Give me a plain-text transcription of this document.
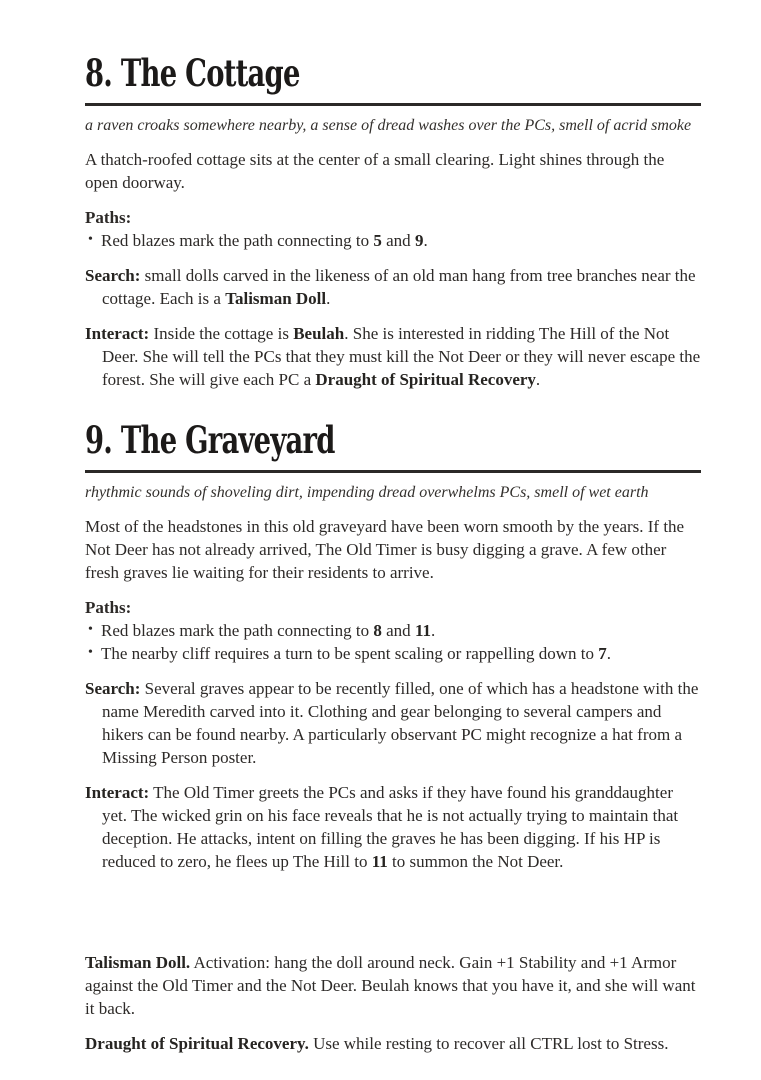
8. The Cottage
a raven croaks somewhere nearby, a sense of dread washes over the PCs, smell of acrid smoke
A thatch-roofed cottage sits at the center of a small clearing. Light shines through the open doorway.
Paths:
• Red blazes mark the path connecting to 5 and 9.
Search: small dolls carved in the likeness of an old man hang from tree branches near the cottage. Each is a Talisman Doll.
Interact: Inside the cottage is Beulah. She is interested in ridding The Hill of the Not Deer. She will tell the PCs that they must kill the Not Deer or they will never escape the forest. She will give each PC a Draught of Spiritual Recovery.
9. The Graveyard
rhythmic sounds of shoveling dirt, impending dread overwhelms PCs, smell of wet earth
Most of the headstones in this old graveyard have been worn smooth by the years. If the Not Deer has not already arrived, The Old Timer is busy digging a grave. A few other fresh graves lie waiting for their residents to arrive.
Paths:
• Red blazes mark the path connecting to 8 and 11.
• The nearby cliff requires a turn to be spent scaling or rappelling down to 7.
Search: Several graves appear to be recently filled, one of which has a headstone with the name Meredith carved into it. Clothing and gear belonging to several campers and hikers can be found nearby. A particularly observant PC might recognize a hat from a Missing Person poster.
Interact: The Old Timer greets the PCs and asks if they have found his granddaughter yet. The wicked grin on his face reveals that he is not actually trying to maintain that deception. He attacks, intent on filling the graves he has been digging. If his HP is reduced to zero, he flees up The Hill to 11 to summon the Not Deer.
Talisman Doll. Activation: hang the doll around neck. Gain +1 Stability and +1 Armor against the Old Timer and the Not Deer. Beulah knows that you have it, and she will want it back.
Draught of Spiritual Recovery. Use while resting to recover all CTRL lost to Stress.
